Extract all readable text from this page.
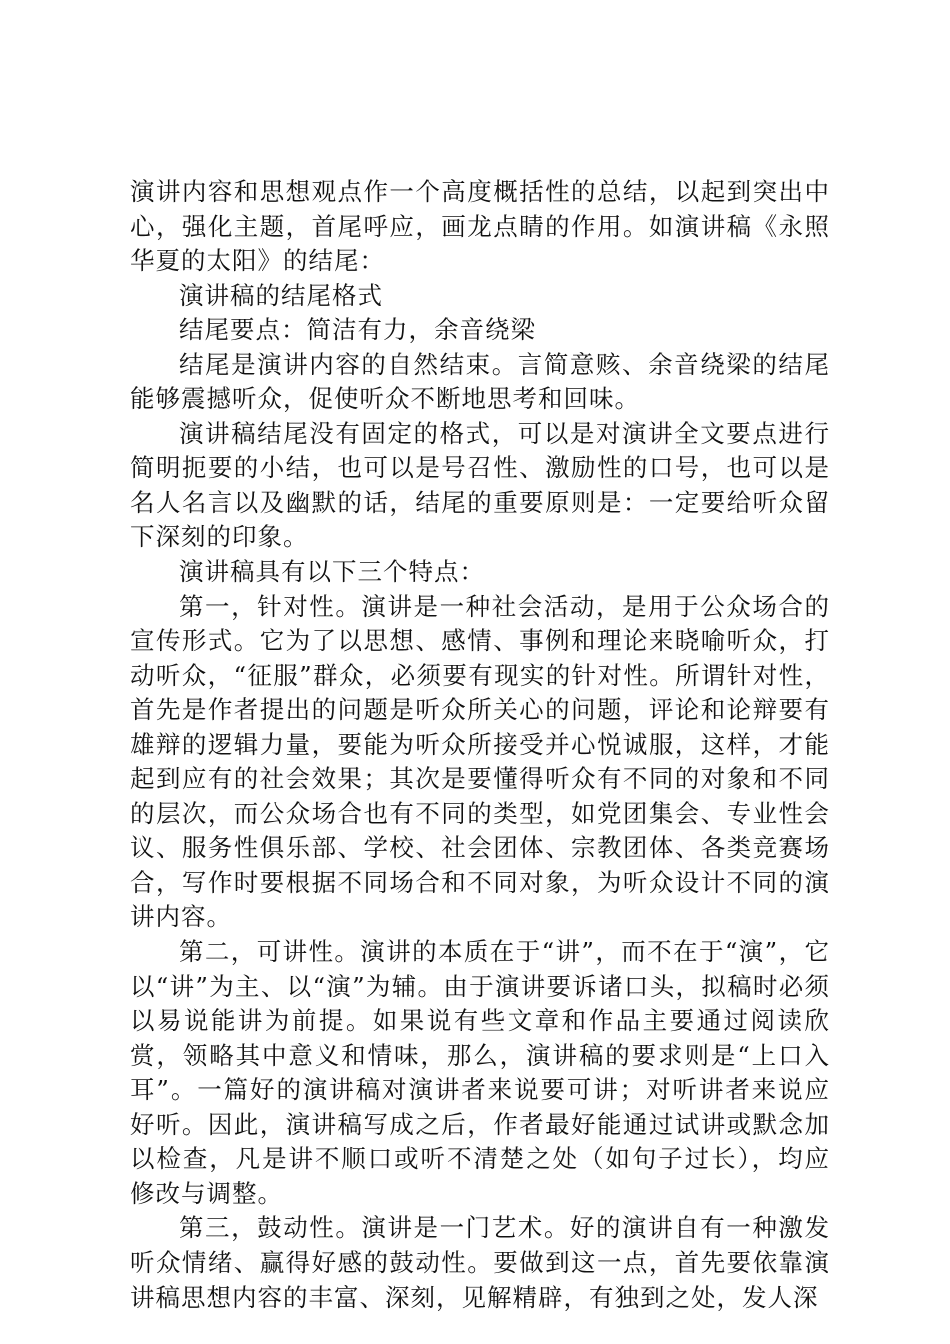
演讲内容和思想观点作一个高度概括性的总结，以起到突出中心，强化主题，首尾呼应，画龙点睛的作用。如演讲稿《永照华夏的太阳》的结尾：

演讲稿的结尾格式

结尾要点：简洁有力，余音绕梁

结尾是演讲内容的自然结束。言简意赅、余音绕梁的结尾能够震撼听众，促使听众不断地思考和回味。

演讲稿结尾没有固定的格式，可以是对演讲全文要点进行简明扼要的小结，也可以是号召性、激励性的口号，也可以是名人名言以及幽默的话，结尾的重要原则是：一定要给听众留下深刻的印象。

演讲稿具有以下三个特点：

第一，针对性。演讲是一种社会活动，是用于公众场合的宣传形式。它为了以思想、感情、事例和理论来晓喻听众，打动听众，“征服”群众，必须要有现实的针对性。所谓针对性，首先是作者提出的问题是听众所关心的问题，评论和论辩要有雄辩的逻辑力量，要能为听众所接受并心悦诚服，这样，才能起到应有的社会效果；其次是要懂得听众有不同的对象和不同的层次，而公众场合也有不同的类型，如党团集会、专业性会议、服务性俱乐部、学校、社会团体、宗教团体、各类竞赛场合，写作时要根据不同场合和不同对象，为听众设计不同的演讲内容。

第二，可讲性。演讲的本质在于“讲”，而不在于“演”，它以“讲”为主、以“演”为辅。由于演讲要诉诸口头，拟稿时必须以易说能讲为前提。如果说有些文章和作品主要通过阅读欣赏，领略其中意义和情味，那么，演讲稿的要求则是“上口入耳”。一篇好的演讲稿对演讲者来说要可讲；对听讲者来说应好听。因此，演讲稿写成之后，作者最好能通过试讲或默念加以检查，凡是讲不顺口或听不清楚之处（如句子过长），均应修改与调整。

第三，鼓动性。演讲是一门艺术。好的演讲自有一种激发听众情绪、赢得好感的鼓动性。要做到这一点，首先要依靠演讲稿思想内容的丰富、深刻，见解精辟，有独到之处，发人深
